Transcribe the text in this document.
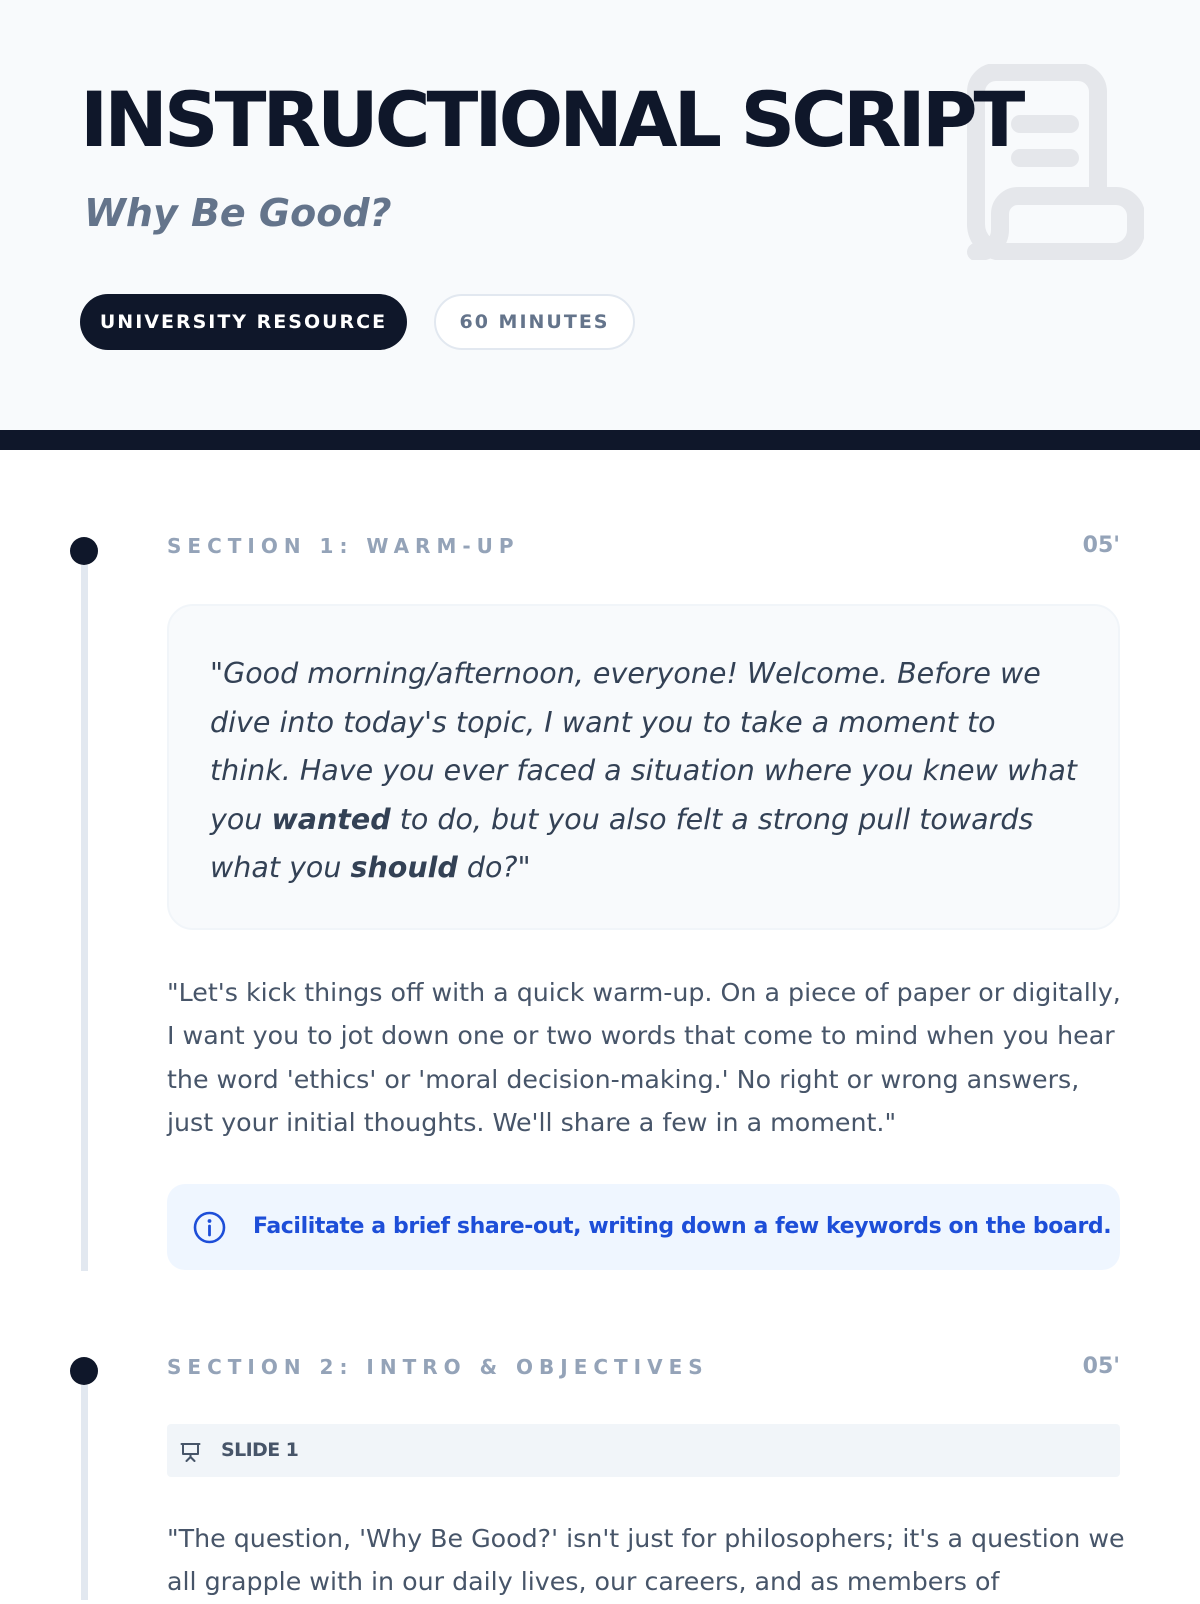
INSTRUCTIONAL SCRIPT
Why Be Good?
UNIVERSITY RESOURCE	60 MINUTES
SECTION 1: WARM-UP	05'

"Good morning/afternoon, everyone! Welcome. Before we dive into today's topic, I want you to take a moment to think. Have you ever faced a situation where you knew what you wanted to do, but you also felt a strong pull towards what you should do?"

"Let's kick things off with a quick warm-up. On a piece of paper or digitally, I want you to jot down one or two words that come to mind when you hear the word 'ethics' or 'moral decision-making.' No right or wrong answers, just your initial thoughts. We'll share a few in a moment."

Facilitate a brief share-out, writing down a few keywords on the board.

SECTION 2: INTRO & OBJECTIVES	05'
SLIDE 1

"The question, 'Why Be Good?' isn't just for philosophers; it's a question we all grapple with in our daily lives, our careers, and as members of
